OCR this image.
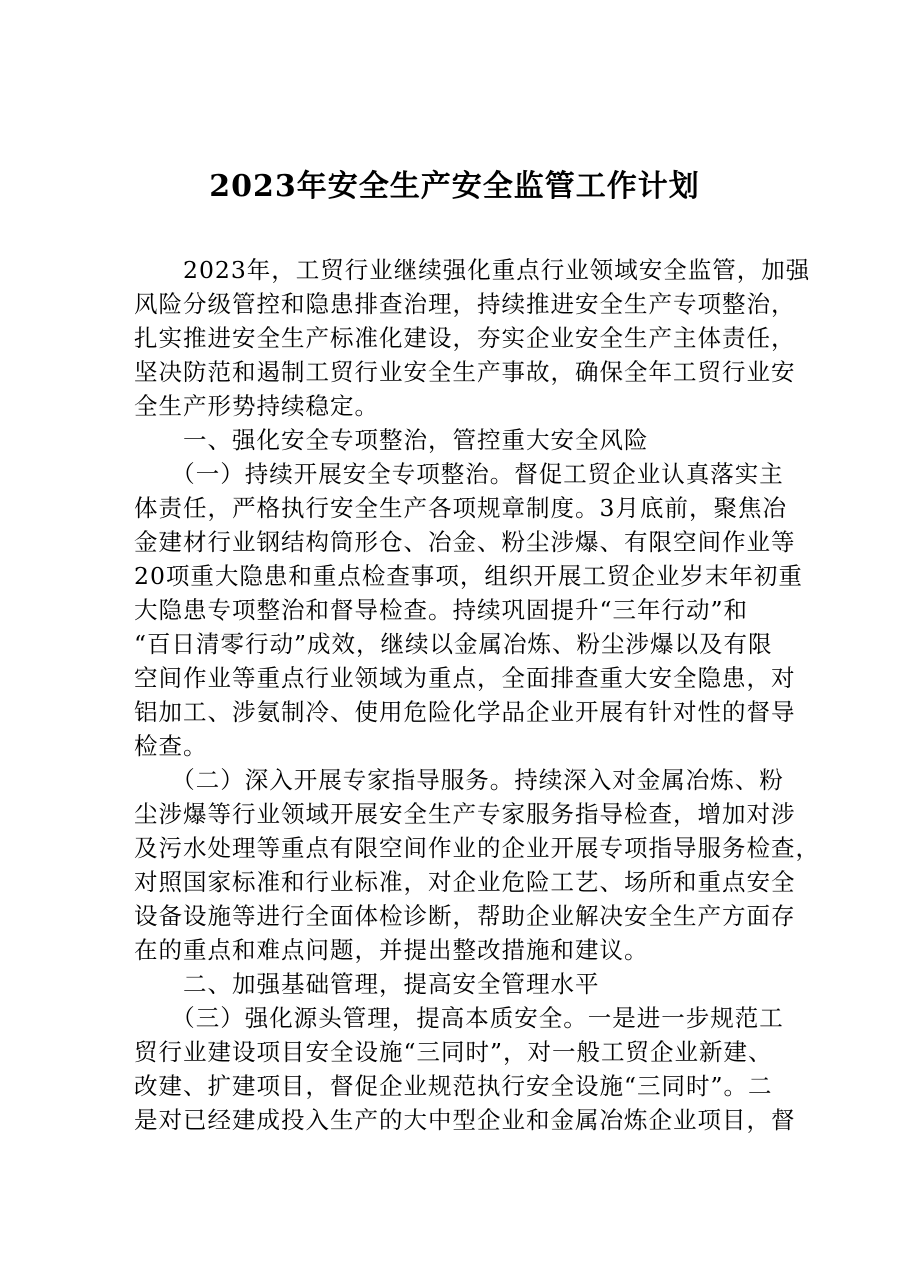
2023年安全生产安全监管工作计划
　　2023年，工贸行业继续强化重点行业领域安全监管，加强
风险分级管控和隐患排查治理，持续推进安全生产专项整治，
扎实推进安全生产标准化建设，夯实企业安全生产主体责任，
坚决防范和遏制工贸行业安全生产事故，确保全年工贸行业安
全生产形势持续稳定。
　　一、强化安全专项整治，管控重大安全风险
　　（一）持续开展安全专项整治。督促工贸企业认真落实主
体责任，严格执行安全生产各项规章制度。3月底前，聚焦冶
金建材行业钢结构筒形仓、冶金、粉尘涉爆、有限空间作业等
20项重大隐患和重点检查事项，组织开展工贸企业岁末年初重
大隐患专项整治和督导检查。持续巩固提升“三年行动”和
“百日清零行动”成效，继续以金属冶炼、粉尘涉爆以及有限
空间作业等重点行业领域为重点，全面排查重大安全隐患，对
铝加工、涉氨制冷、使用危险化学品企业开展有针对性的督导
检查。
　　（二）深入开展专家指导服务。持续深入对金属冶炼、粉
尘涉爆等行业领域开展安全生产专家服务指导检查，增加对涉
及污水处理等重点有限空间作业的企业开展专项指导服务检查，
对照国家标准和行业标准，对企业危险工艺、场所和重点安全
设备设施等进行全面体检诊断，帮助企业解决安全生产方面存
在的重点和难点问题，并提出整改措施和建议。
　　二、加强基础管理，提高安全管理水平
　　（三）强化源头管理，提高本质安全。一是进一步规范工
贸行业建设项目安全设施“三同时”，对一般工贸企业新建、
改建、扩建项目，督促企业规范执行安全设施“三同时”。二
是对已经建成投入生产的大中型企业和金属冶炼企业项目，督
